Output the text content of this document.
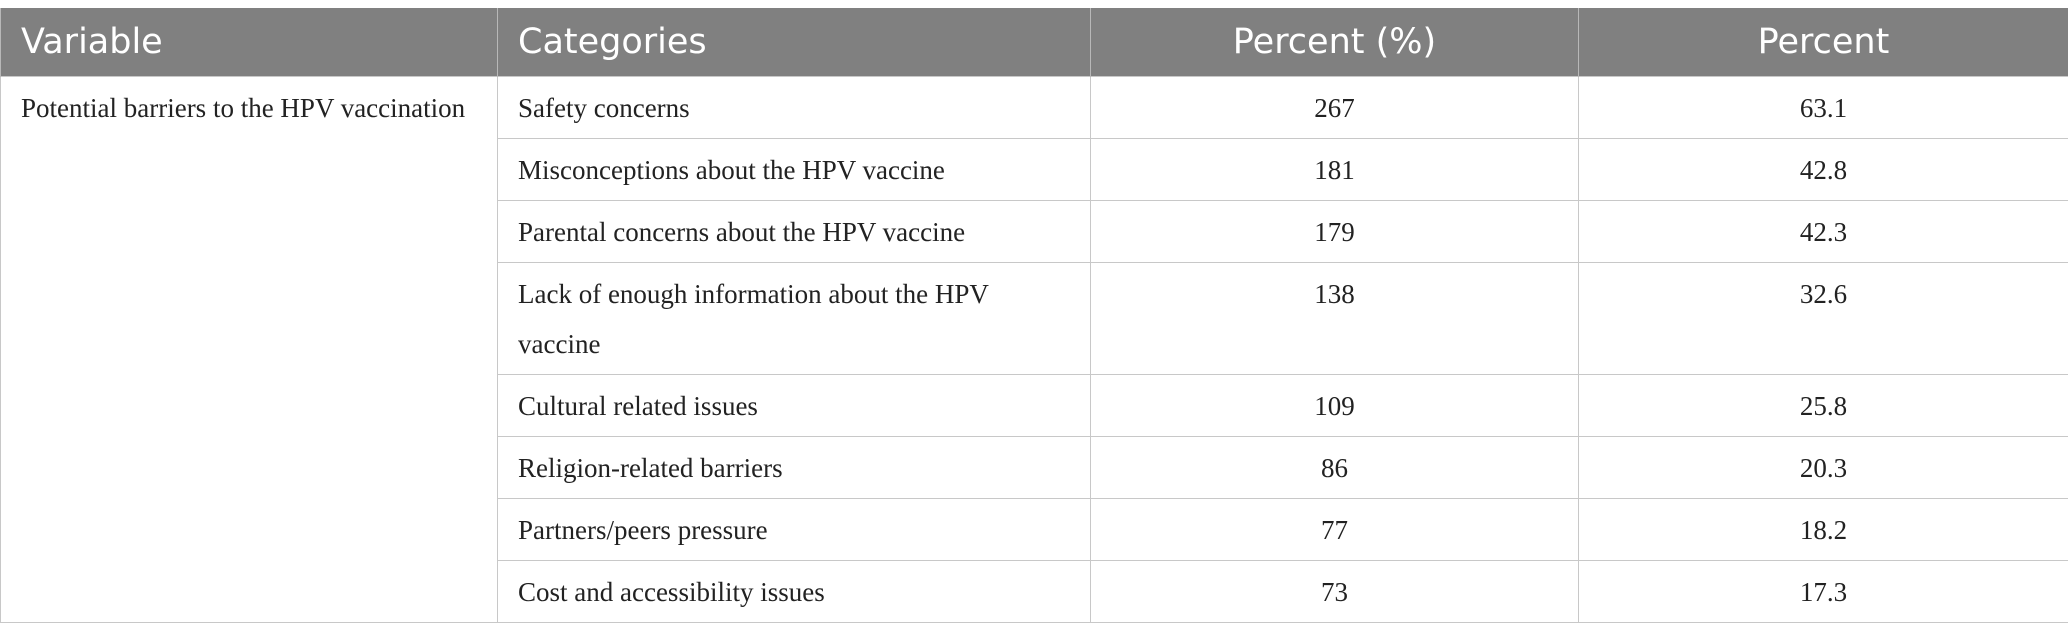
Variable	Categories	Percent (%)	Percent
Potential barriers to the HPV vaccination	Safety concerns	267	63.1
	Misconceptions about the HPV vaccine	181	42.8
	Parental concerns about the HPV vaccine	179	42.3
	Lack of enough information about the HPV vaccine	138	32.6
	Cultural related issues	109	25.8
	Religion-related barriers	86	20.3
	Partners/peers pressure	77	18.2
	Cost and accessibility issues	73	17.3
